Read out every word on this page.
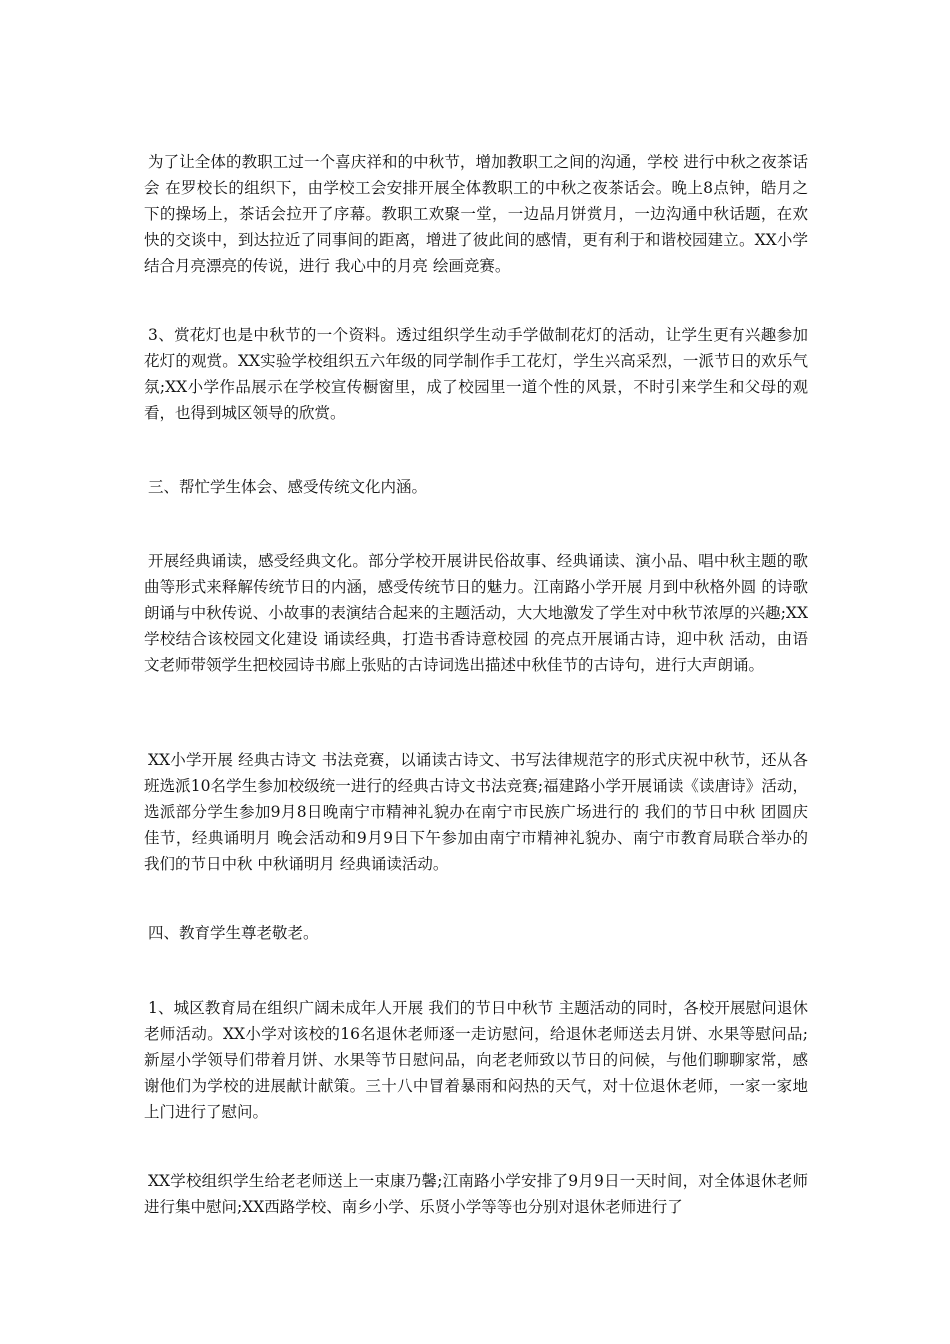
为了让全体的教职工过一个喜庆祥和的中秋节，增加教职工之间的沟通，学校 进行中秋之夜茶话会 在罗校长的组织下，由学校工会安排开展全体教职工的中秋之夜茶话会。晚上8点钟，皓月之下的操场上，茶话会拉开了序幕。教职工欢聚一堂，一边品月饼赏月，一边沟通中秋话题，在欢快的交谈中，到达拉近了同事间的距离，增进了彼此间的感情，更有利于和谐校园建立。XX小学结合月亮漂亮的传说，进行 我心中的月亮 绘画竞赛。

3、赏花灯也是中秋节的一个资料。透过组织学生动手学做制花灯的活动，让学生更有兴趣参加花灯的观赏。XX实验学校组织五六年级的同学制作手工花灯，学生兴高采烈，一派节日的欢乐气氛;XX小学作品展示在学校宣传橱窗里，成了校园里一道个性的风景，不时引来学生和父母的观看，也得到城区领导的欣赏。

三、帮忙学生体会、感受传统文化内涵。

开展经典诵读，感受经典文化。部分学校开展讲民俗故事、经典诵读、演小品、唱中秋主题的歌曲等形式来释解传统节日的内涵，感受传统节日的魅力。江南路小学开展 月到中秋格外圆 的诗歌朗诵与中秋传说、小故事的表演结合起来的主题活动，大大地激发了学生对中秋节浓厚的兴趣;XX学校结合该校园文化建设 诵读经典，打造书香诗意校园 的亮点开展诵古诗，迎中秋 活动，由语文老师带领学生把校园诗书廊上张贴的古诗词选出描述中秋佳节的古诗句，进行大声朗诵。

XX小学开展 经典古诗文 书法竞赛，以诵读古诗文、书写法律规范字的形式庆祝中秋节，还从各班选派10名学生参加校级统一进行的经典古诗文书法竞赛;福建路小学开展诵读《读唐诗》活动，选派部分学生参加9月8日晚南宁市精神礼貌办在南宁市民族广场进行的 我们的节日中秋 团圆庆佳节，经典诵明月 晚会活动和9月9日下午参加由南宁市精神礼貌办、南宁市教育局联合举办的 我们的节日中秋 中秋诵明月 经典诵读活动。

四、教育学生尊老敬老。

1、城区教育局在组织广阔未成年人开展 我们的节日中秋节 主题活动的同时，各校开展慰问退休老师活动。XX小学对该校的16名退休老师逐一走访慰问，给退休老师送去月饼、水果等慰问品;新屋小学领导们带着月饼、水果等节日慰问品，向老老师致以节日的问候，与他们聊聊家常，感谢他们为学校的进展献计献策。三十八中冒着暴雨和闷热的天气，对十位退休老师，一家一家地上门进行了慰问。

XX学校组织学生给老老师送上一束康乃馨;江南路小学安排了9月9日一天时间，对全体退休老师进行集中慰问;XX西路学校、南乡小学、乐贤小学等等也分别对退休老师进行了
